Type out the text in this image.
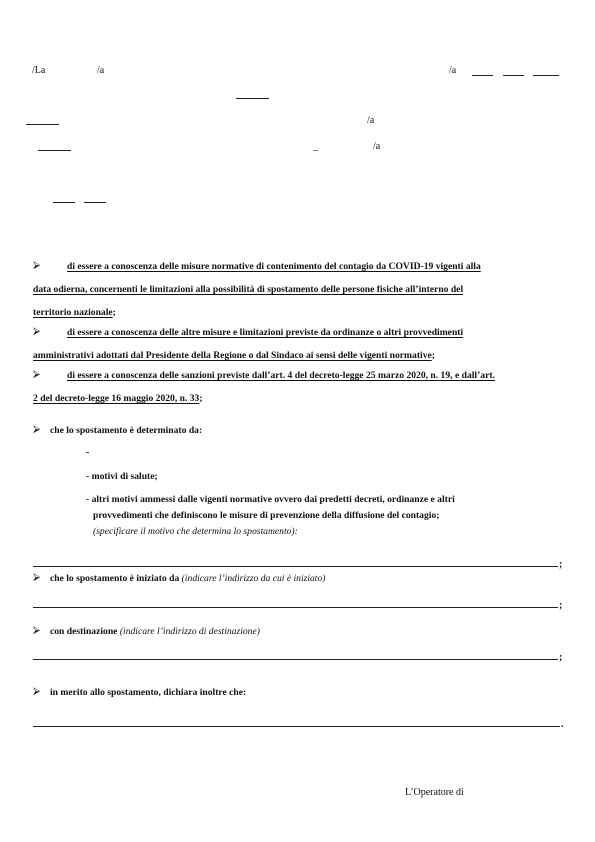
/La	/a	/a
/a
_	/a
⮚	di essere a conoscenza delle misure normative di contenimento del contagio da COVID-19 vigenti alla
data odierna, concernenti le limitazioni alla possibilità di spostamento delle persone fisiche all’interno del
territorio nazionale;
⮚	di essere a conoscenza delle altre misure e limitazioni previste da ordinanze o altri provvedimenti
amministrativi adottati dal Presidente della Regione o dal Sindaco ai sensi delle vigenti normative;
⮚	di essere a conoscenza delle sanzioni previste dall’art. 4 del decreto-legge 25 marzo 2020, n. 19, e dall’art.
2 del decreto-legge 16 maggio 2020, n. 33;
⮚ che lo spostamento è determinato da:
-
- motivi di salute;
- altri motivi ammessi dalle vigenti normative ovvero dai predetti decreti, ordinanze e altri
provvedimenti che definiscono le misure di prevenzione della diffusione del contagio;
(specificare il motivo che determina lo spostamento):
;
⮚ che lo spostamento è iniziato da (indicare l’indirizzo da cui è iniziato)
;
⮚ con destinazione (indicare l’indirizzo di destinazione)
;
⮚ in merito allo spostamento, dichiara inoltre che:
.
L’Operatore di
